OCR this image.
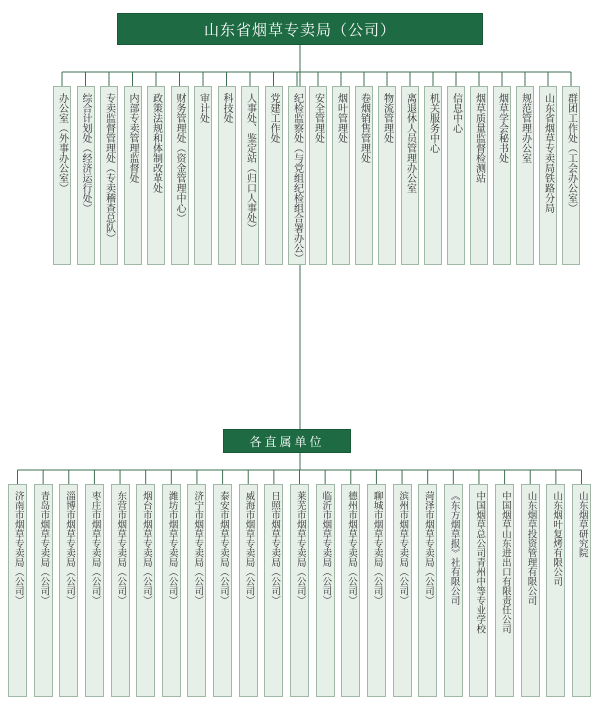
山东省烟草专卖局（公司）
办公室（外事办公室）	综合计划处（经济运行处）	专卖监督管理处（专卖稽查总队）	内部专卖管理监督处	政策法规和体制改革处	财务管理处（资金管理中心）	审计处	科技处	人事处、鉴定站（归口人事处）	党建工作处	纪检监察处（与党组纪检组合署办公）	安全管理处	烟叶管理处	卷烟销售管理处	物流管理处	离退休人员管理办公室	机关服务中心	信息中心	烟草质量监督检测站	烟草学会秘书处	规范管理办公室	山东省烟草专卖局铁路分局	群团工作处（工会办公室）
各直属单位
济南市烟草专卖局（公司）	青岛市烟草专卖局（公司）	淄博市烟草专卖局（公司）	枣庄市烟草专卖局（公司）	东营市烟草专卖局（公司）	烟台市烟草专卖局（公司）	潍坊市烟草专卖局（公司）	济宁市烟草专卖局（公司）	泰安市烟草专卖局（公司）	威海市烟草专卖局（公司）	日照市烟草专卖局（公司）	莱芜市烟草专卖局（公司）	临沂市烟草专卖局（公司）	德州市烟草专卖局（公司）	聊城市烟草专卖局（公司）	滨州市烟草专卖局（公司）	菏泽市烟草专卖局（公司）	《东方烟草报》社有限公司	中国烟草总公司青州中等专业学校	中国烟草山东进出口有限责任公司	山东烟草投资管理有限公司	山东烟叶复烤有限公司	山东烟草研究院
